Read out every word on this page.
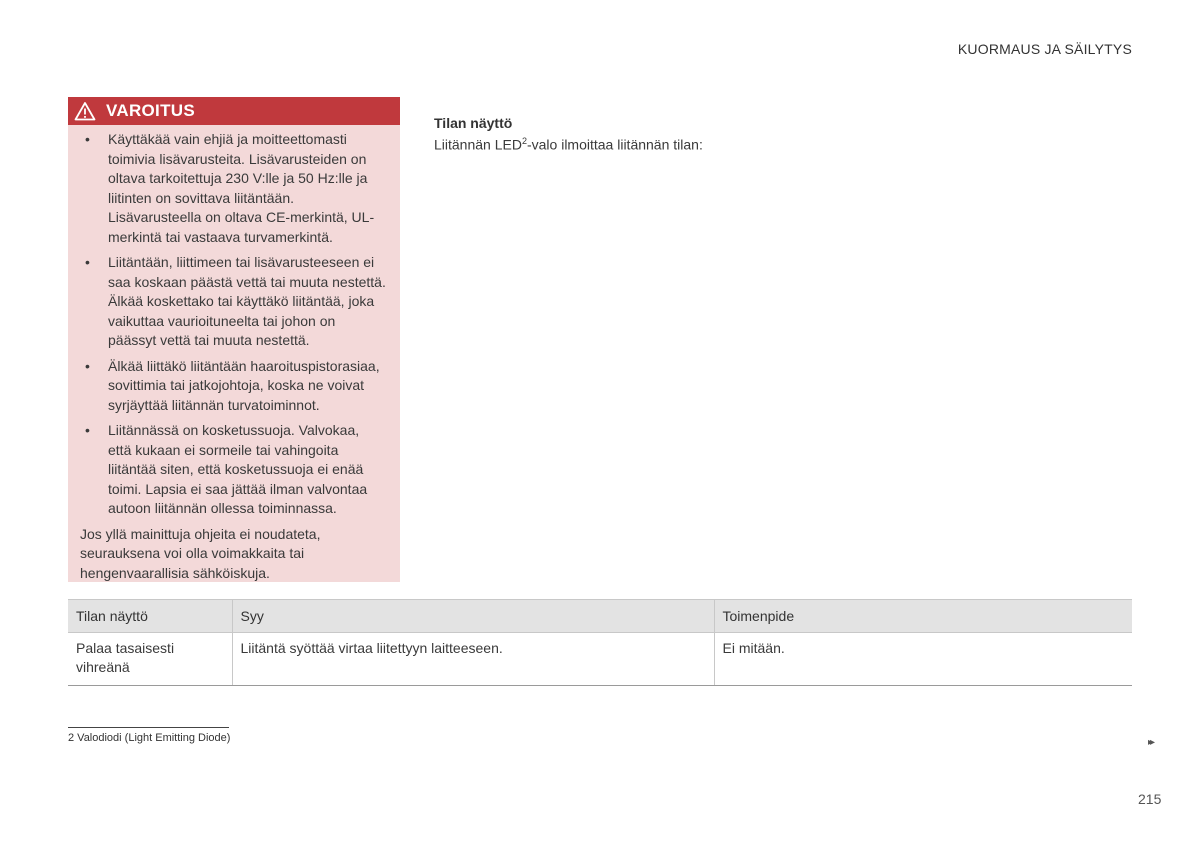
KUORMAUS JA SÄILYTYS
VAROITUS
• Käyttäkää vain ehjiä ja moitteettomasti toimivia lisävarusteita. Lisävarusteiden on oltava tarkoitettuja 230 V:lle ja 50 Hz:lle ja liitinten on sovittava liitäntään. Lisävarusteella on oltava CE-merkintä, UL-merkintä tai vastaava turvamerkintä.
• Liitäntään, liittimeen tai lisävarusteeseen ei saa koskaan päästä vettä tai muuta nestettä. Älkää koskettako tai käyttäkö liitäntää, joka vaikuttaa vaurioituneelta tai johon on päässyt vettä tai muuta nestettä.
• Älkää liittäkö liitäntään haaroituspistorasiaa, sovittimia tai jatkojohtoja, koska ne voivat syrjäyttää liitännän turvatoiminnot.
• Liitännässä on kosketussuoja. Valvokaa, että kukaan ei sormeile tai vahingoita liitäntää siten, että kosketussuoja ei enää toimi. Lapsia ei saa jättää ilman valvontaa autoon liitännän ollessa toiminnassa.
Jos yllä mainittuja ohjeita ei noudateta, seurauksena voi olla voimakkaita tai hengenvaarallisia sähköiskuja.
Tilan näyttö
Liitännän LED$^2$-valo ilmoittaa liitännän tilan:
Tilan näyttö	Syy	Toimenpide
Palaa tasaisesti vihreänä	Liitäntä syöttää virtaa liitettyyn laitteeseen.	Ei mitään.
2 Valodiodi (Light Emitting Diode)	▸▸
215
